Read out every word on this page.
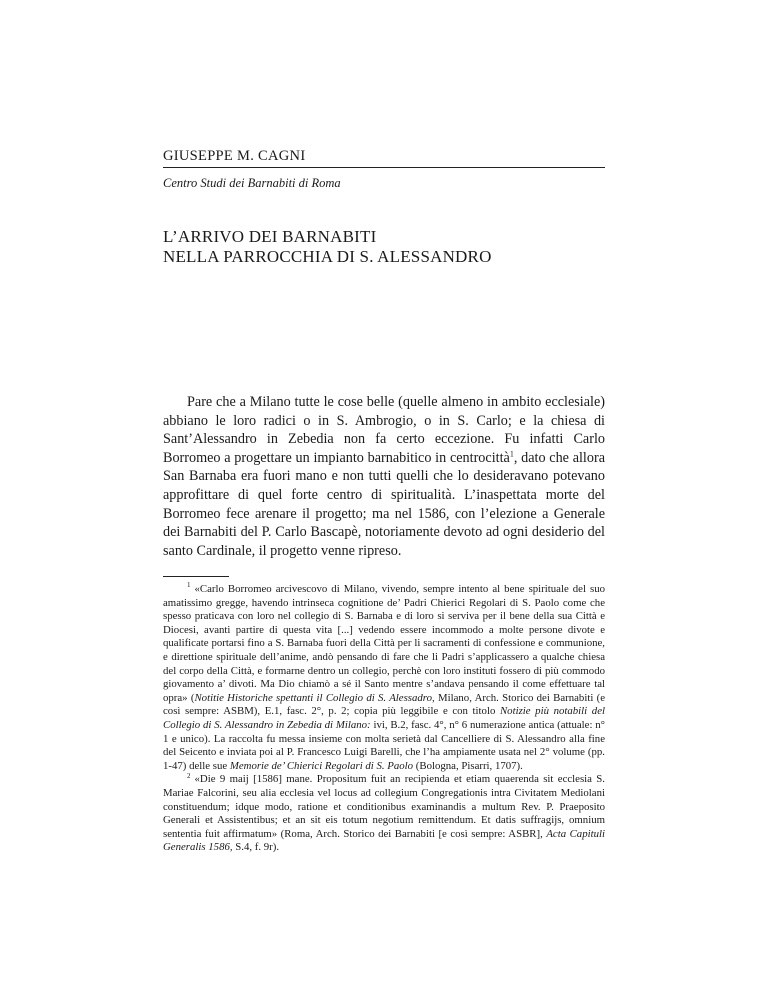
GIUSEPPE M. CAGNI

Centro Studi dei Barnabiti di Roma

L’ARRIVO DEI BARNABITI
NELLA PARROCCHIA DI S. ALESSANDRO

Pare che a Milano tutte le cose belle (quelle almeno in ambito ecclesiale) abbiano le loro radici o in S. Ambrogio, o in S. Carlo; e la chiesa di Sant’Alessandro in Zebedia non fa certo eccezione. Fu infatti Carlo Borromeo a progettare un impianto barnabitico in centrocittà$^1$, dato che allora San Barnaba era fuori mano e non tutti quelli che lo desideravano potevano approfittare di quel forte centro di spiritualità. L’inaspettata morte del Borromeo fece arenare il progetto; ma nel 1586, con l’elezione a Generale dei Barnabiti del P. Carlo Bascapè, notoriamente devoto ad ogni desiderio del santo Cardinale, il progetto venne ripreso.

$^1$ «Carlo Borromeo arcivescovo di Milano, vivendo, sempre intento al bene spirituale del suo amatissimo gregge, havendo intrinseca cognitione de’ Padri Chierici Regolari di S. Paolo come che spesso praticava con loro nel collegio di S. Barnaba e di loro si serviva per il bene della sua Città e Diocesi, avanti partire di questa vita [...] vedendo essere incommodo a molte persone divote e qualificate portarsi fino a S. Barnaba fuori della Città per li sacramenti di confessione e communione, e direttione spirituale dell’anime, andò pensando di fare che li Padri s’applicassero a qualche chiesa del corpo della Città, e formarne dentro un collegio, perchè con loro instituti fossero di più commodo giovamento a’ divoti. Ma Dio chiamò a sé il Santo mentre s’andava pensando il come effettuare tal opra» (Notitie Historiche spettanti il Collegio di S. Alessadro, Milano, Arch. Storico dei Barnabiti (e così sempre: ASBM), E.1, fasc. 2°, p. 2; copia più leggibile e con titolo Notizie più notabili del Collegio di S. Alessandro in Zebedia di Milano: ivi, B.2, fasc. 4°, n° 6 numerazione antica (attuale: n° 1 e unico). La raccolta fu messa insieme con molta serietà dal Cancelliere di S. Alessandro alla fine del Seicento e inviata poi al P. Francesco Luigi Barelli, che l’ha ampiamente usata nel 2° volume (pp. 1-47) delle sue Memorie de’ Chierici Regolari di S. Paolo (Bologna, Pisarri, 1707).

$^2$ «Die 9 maij [1586] mane. Propositum fuit an recipienda et etiam quaerenda sit ecclesia S. Mariae Falcorini, seu alia ecclesia vel locus ad collegium Congregationis intra Civitatem Mediolani constituendum; idque modo, ratione et conditionibus examinandis a multum Rev. P. Praeposito Generali et Assistentibus; et an sit eis totum negotium remittendum. Et datis suffragijs, omnium sententia fuit affirmatum» (Roma, Arch. Storico dei Barnabiti [e così sempre: ASBR], Acta Capituli Generalis 1586, S.4, f. 9r).
